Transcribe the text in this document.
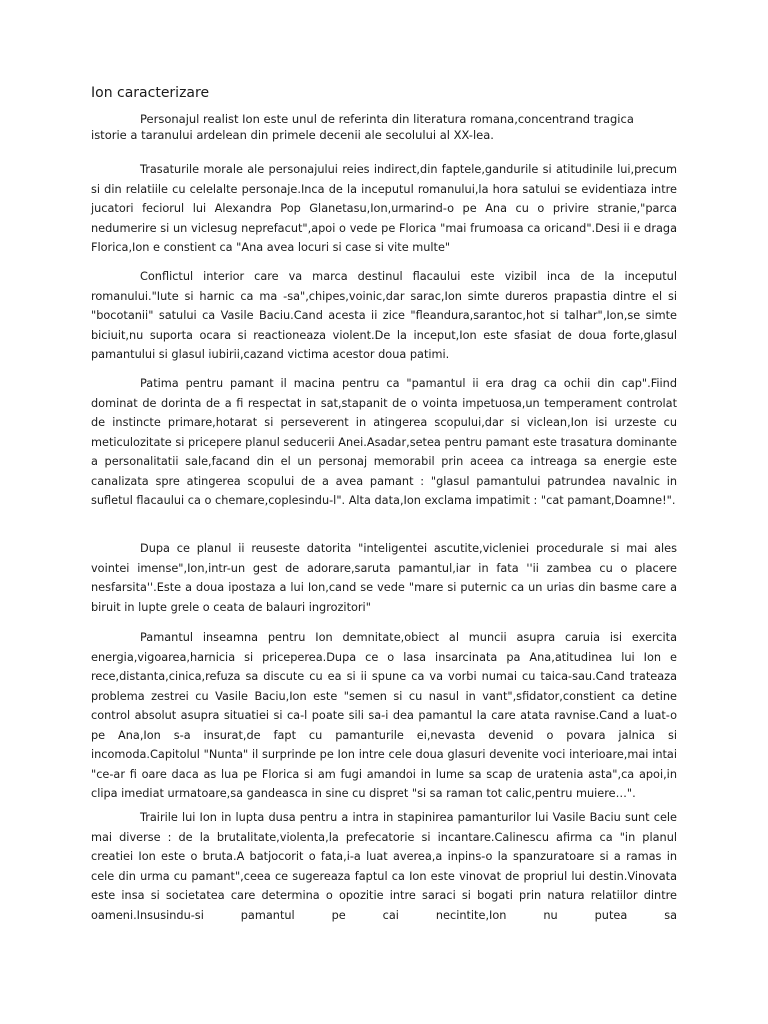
Ion caracterizare

Personajul realist Ion este unul de referinta din literatura romana,concentrand tragica istorie a taranului ardelean din primele decenii ale secolului al XX-lea.

Trasaturile morale ale personajului reies indirect,din faptele,gandurile si atitudinile lui,precum si din relatiile cu celelalte personaje.Inca de la inceputul romanului,la hora satului se evidentiaza intre jucatori feciorul lui Alexandra Pop Glanetasu,Ion,urmarind-o pe Ana cu o privire stranie,"parca nedumerire si un viclesug neprefacut",apoi o vede pe Florica "mai frumoasa ca oricand".Desi ii e draga Florica,Ion e constient ca "Ana avea locuri si case si vite multe"

Conflictul interior care va marca destinul flacaului este vizibil inca de la inceputul romanului."Iute si harnic ca ma -sa",chipes,voinic,dar sarac,Ion simte dureros prapastia dintre el si "bocotanii" satului ca Vasile Baciu.Cand acesta ii zice "fleandura,sarantoc,hot si talhar",Ion,se simte biciuit,nu suporta ocara si reactioneaza violent.De la inceput,Ion este sfasiat de doua forte,glasul pamantului si glasul iubirii,cazand victima acestor doua patimi.

Patima pentru pamant il macina pentru ca "pamantul ii era drag ca ochii din cap".Fiind dominat de dorinta de a fi respectat in sat,stapanit de o vointa impetuosa,un temperament controlat de instincte primare,hotarat si perseverent in atingerea scopului,dar si viclean,Ion isi urzeste cu meticulozitate si pricepere planul seducerii Anei.Asadar,setea pentru pamant este trasatura dominante a personalitatii sale,facand din el un personaj memorabil prin aceea ca intreaga sa energie este canalizata spre atingerea scopului de a avea pamant : "glasul pamantului patrundea navalnic in sufletul flacaului ca o chemare,coplesindu-l". Alta data,Ion exclama impatimit : "cat pamant,Doamne!".

Dupa ce planul ii reuseste datorita "inteligentei ascutite,vicleniei procedurale si mai ales vointei imense",Ion,intr-un gest de adorare,saruta pamantul,iar in fata ''ii zambea cu o placere nesfarsita''.Este a doua ipostaza a lui Ion,cand se vede "mare si puternic ca un urias din basme care a biruit in lupte grele o ceata de balauri ingrozitori"

Pamantul inseamna pentru Ion demnitate,obiect al muncii asupra caruia isi exercita energia,vigoarea,harnicia si priceperea.Dupa ce o lasa insarcinata pa Ana,atitudinea lui Ion e rece,distanta,cinica,refuza sa discute cu ea si ii spune ca va vorbi numai cu taica-sau.Cand trateaza problema zestrei cu Vasile Baciu,Ion este "semen si cu nasul in vant",sfidator,constient ca detine control absolut asupra situatiei si ca-l poate sili sa-i dea pamantul la care atata ravnise.Cand a luat-o pe Ana,Ion s-a insurat,de fapt cu pamanturile ei,nevasta devenid o povara jalnica si incomoda.Capitolul "Nunta" il surprinde pe Ion intre cele doua glasuri devenite voci interioare,mai intai "ce-ar fi oare daca as lua pe Florica si am fugi amandoi in lume sa scap de uratenia asta",ca apoi,in clipa imediat urmatoare,sa gandeasca in sine cu dispret "si sa raman tot calic,pentru muiere…".

Trairile lui Ion in lupta dusa pentru a intra in stapinirea pamanturilor lui Vasile Baciu sunt cele mai diverse : de la brutalitate,violenta,la prefecatorie si incantare.Calinescu afirma ca "in planul creatiei Ion este o bruta.A batjocorit o fata,i-a luat averea,a inpins-o la spanzuratoare si a ramas in cele din urma cu pamant",ceea ce sugereaza faptul ca Ion este vinovat de propriul lui destin.Vinovata este insa si societatea care determina o opozitie intre saraci si bogati prin natura relatiilor dintre oameni.Insusindu-si pamantul pe cai necintite,Ion nu putea sa
